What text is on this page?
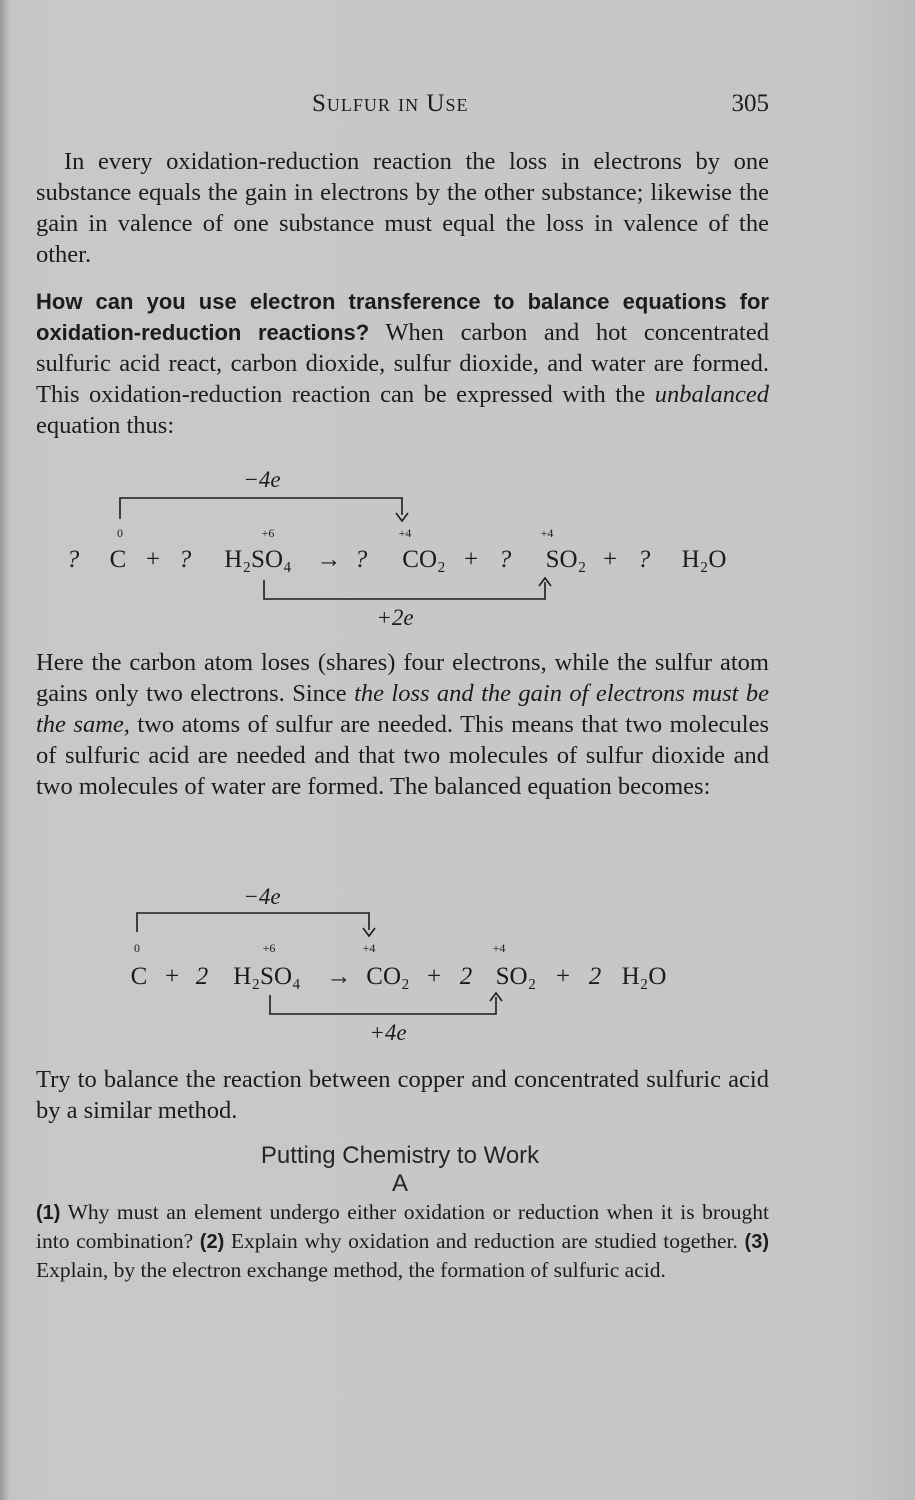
Sulfur in Use	305

In every oxidation-reduction reaction the loss in electrons by one substance equals the gain in electrons by the other substance; likewise the gain in valence of one substance must equal the loss in valence of the other.

How can you use electron transference to balance equations for oxidation-reduction reactions? When carbon and hot concentrated sulfuric acid react, carbon dioxide, sulfur dioxide, and water are formed. This oxidation-reduction reaction can be expressed with the unbalanced equation thus:

−4e
0	+6	+4	+4
? C + ? H₂SO₄ → ? CO₂ + ? SO₂ + ? H₂O
+2e

Here the carbon atom loses (shares) four electrons, while the sulfur atom gains only two electrons. Since the loss and the gain of electrons must be the same, two atoms of sulfur are needed. This means that two molecules of sulfuric acid are needed and that two molecules of sulfur dioxide and two molecules of water are formed. The balanced equation becomes:

−4e
0	+6	+4	+4
C + 2 H₂SO₄ → CO₂ + 2 SO₂ + 2 H₂O
+4e

Try to balance the reaction between copper and concentrated sulfuric acid by a similar method.

Putting Chemistry to Work
A

(1) Why must an element undergo either oxidation or reduction when it is brought into combination? (2) Explain why oxidation and reduction are studied together. (3) Explain, by the electron exchange method, the formation of sulfuric acid.
